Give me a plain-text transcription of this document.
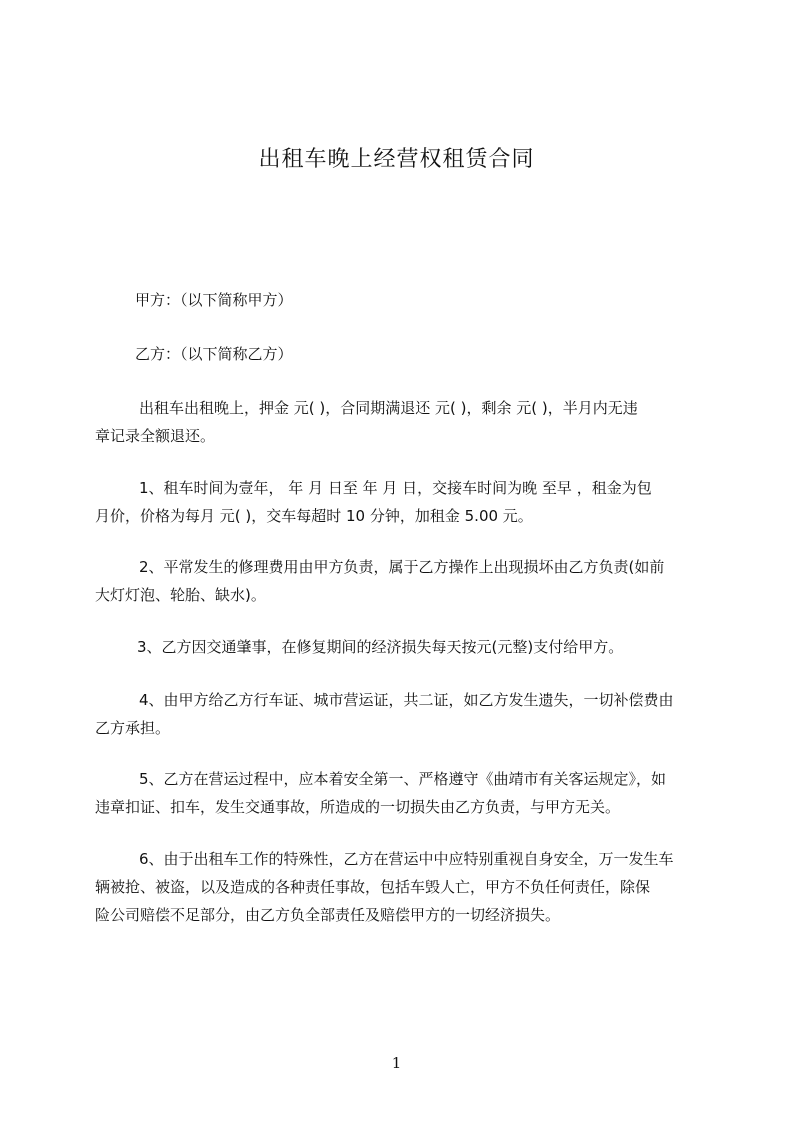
出租车晚上经营权租赁合同

甲方：（以下简称甲方）

乙方：（以下简称乙方）

出租车出租晚上，押金 元( )，合同期满退还 元( )，剩余 元( )，半月内无违
章记录全额退还。
1、租车时间为壹年， 年 月 日至 年 月 日，交接车时间为晚 至早 ，租金为包
月价，价格为每月 元( )，交车每超时 10 分钟，加租金 5.00 元。
2、平常发生的修理费用由甲方负责，属于乙方操作上出现损坏由乙方负责(如前
大灯灯泡、轮胎、缺水)。
3、乙方因交通肇事，在修复期间的经济损失每天按元(元整)支付给甲方。
4、由甲方给乙方行车证、城市营运证，共二证，如乙方发生遗失，一切补偿费由
乙方承担。
5、乙方在营运过程中，应本着安全第一、严格遵守《曲靖市有关客运规定》，如
违章扣证、扣车，发生交通事故，所造成的一切损失由乙方负责，与甲方无关。
6、由于出租车工作的特殊性，乙方在营运中中应特别重视自身安全，万一发生车
辆被抢、被盗，以及造成的各种责任事故，包括车毁人亡，甲方不负任何责任，除保
险公司赔偿不足部分，由乙方负全部责任及赔偿甲方的一切经济损失。
1
